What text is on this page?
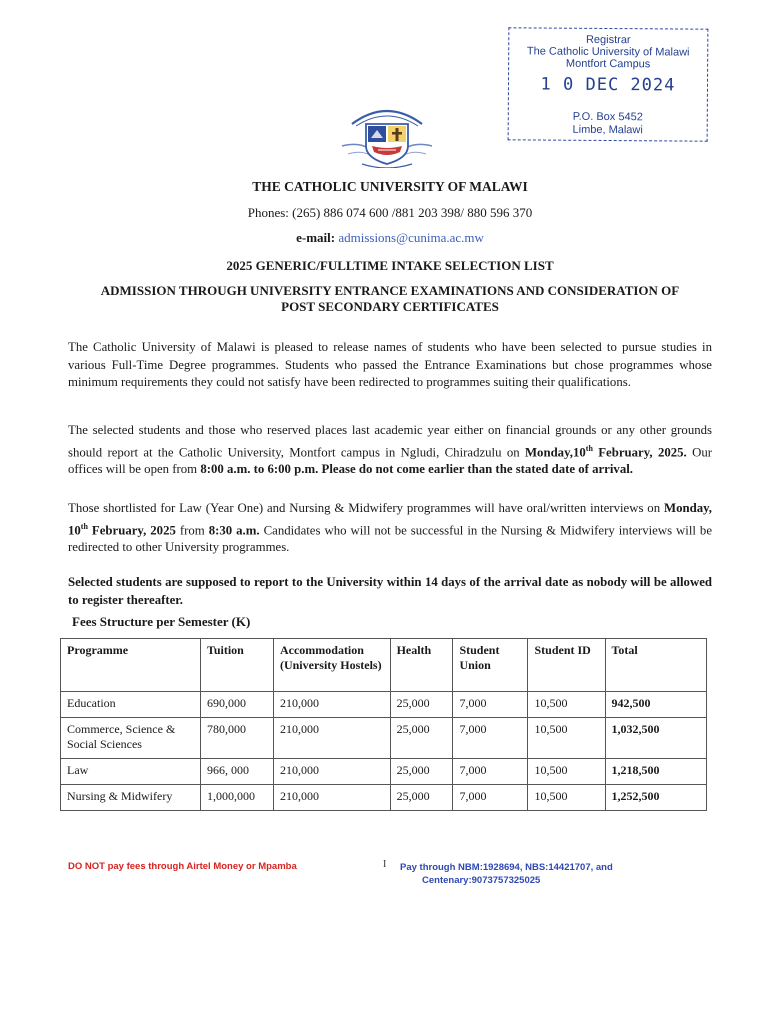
Registrar
The Catholic University of Malawi
Montfort Campus
1 0 DEC 2024
P.O. Box 5452
Limbe, Malawi
THE CATHOLIC UNIVERSITY OF MALAWI
Phones: (265) 886 074 600 /881 203 398/ 880 596 370
e-mail: admissions@cunima.ac.mw
2025 GENERIC/FULLTIME INTAKE SELECTION LIST
ADMISSION THROUGH UNIVERSITY ENTRANCE EXAMINATIONS AND CONSIDERATION OF
POST SECONDARY CERTIFICATES
The Catholic University of Malawi is pleased to release names of students who have been selected to pursue studies in various Full-Time Degree programmes. Students who passed the Entrance Examinations but chose programmes whose minimum requirements they could not satisfy have been redirected to programmes suiting their qualifications.
The selected students and those who reserved places last academic year either on financial grounds or any other grounds should report at the Catholic University, Montfort campus in Ngludi, Chiradzulu on Monday,10th February, 2025. Our offices will be open from 8:00 a.m. to 6:00 p.m. Please do not come earlier than the stated date of arrival.
Those shortlisted for Law (Year One) and Nursing & Midwifery programmes will have oral/written interviews on Monday, 10th February, 2025 from 8:30 a.m. Candidates who will not be successful in the Nursing & Midwifery interviews will be redirected to other University programmes.
Selected students are supposed to report to the University within 14 days of the arrival date as nobody will be allowed to register thereafter.
Fees Structure per Semester (K)
Programme	Tuition	Accommodation (University Hostels)	Health	Student Union	Student ID	Total
Education	690,000	210,000	25,000	7,000	10,500	942,500
Commerce, Science & Social Sciences	780,000	210,000	25,000	7,000	10,500	1,032,500
Law	966, 000	210,000	25,000	7,000	10,500	1,218,500
Nursing & Midwifery	1,000,000	210,000	25,000	7,000	10,500	1,252,500
DO NOT pay fees through Airtel Money or Mpamba	I Pay through NBM:1928694, NBS:14421707, and
Centenary:9073757325025
